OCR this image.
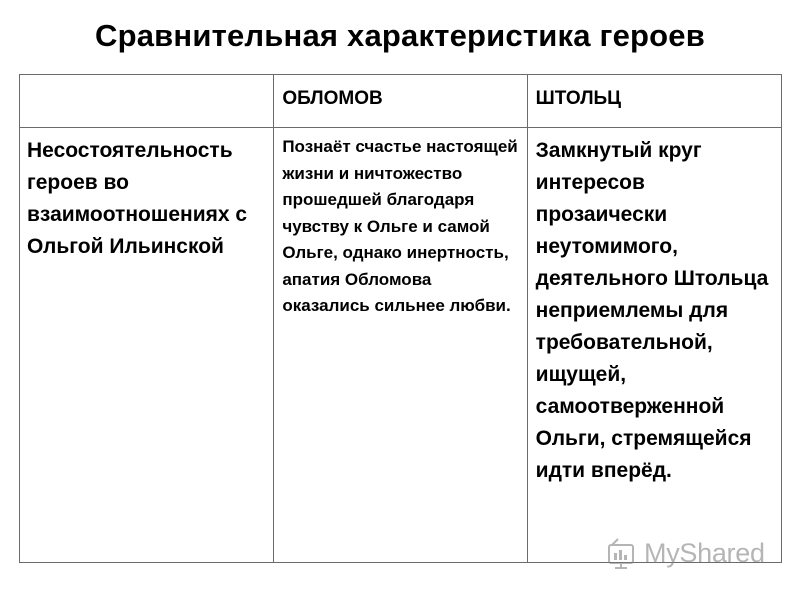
Сравнительная характеристика героев

	ОБЛОМОВ	ШТОЛЬЦ

Несостоятельность героев во взаимоотношениях с Ольгой Ильинской	Познаёт счастье настоящей жизни и ничтожество прошедшей благодаря чувству к Ольге и самой Ольге, однако инертность, апатия Обломова оказались сильнее любви.	Замкнутый круг интересов прозаически неутомимого, деятельного Штольца неприемлемы для требовательной, ищущей, самоотверженной Ольги, стремящейся идти вперёд.
MyShared
